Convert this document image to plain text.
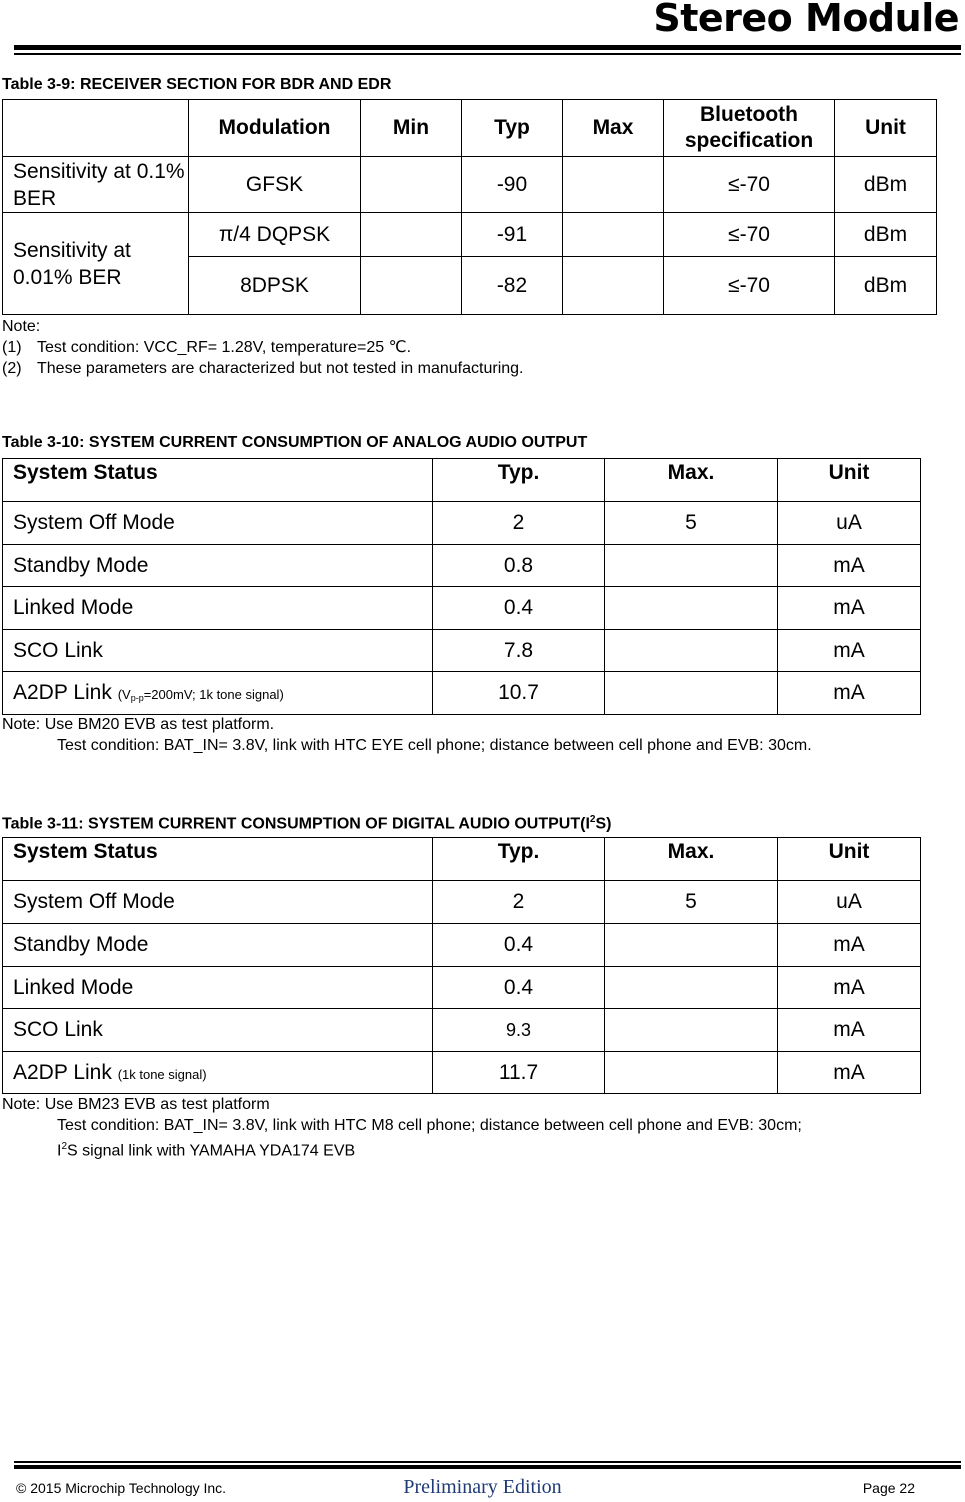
Stereo Module
Table 3-9: RECEIVER SECTION FOR BDR AND EDR
	Modulation	Min	Typ	Max	Bluetooth specification	Unit
Sensitivity at 0.1% BER	GFSK		-90		≤-70	dBm
Sensitivity at 0.01% BER	π/4 DQPSK		-91		≤-70	dBm
	8DPSK		-82		≤-70	dBm
Note:
(1) Test condition: VCC_RF= 1.28V, temperature=25 ℃.
(2) These parameters are characterized but not tested in manufacturing.
Table 3-10: SYSTEM CURRENT CONSUMPTION OF ANALOG AUDIO OUTPUT
System Status	Typ.	Max.	Unit
System Off Mode	2	5	uA
Standby Mode	0.8		mA
Linked Mode	0.4		mA
SCO Link	7.8		mA
A2DP Link ($V_{p-p}=200mV$; 1k tone signal)	10.7		mA
Note: Use BM20 EVB as test platform.
Test condition: BAT_IN= 3.8V, link with HTC EYE cell phone; distance between cell phone and EVB: 30cm.
Table 3-11: SYSTEM CURRENT CONSUMPTION OF DIGITAL AUDIO $OUTPUT(I^2S)$
System Status	Typ.	Max.	Unit
System Off Mode	2	5	uA
Standby Mode	0.4		mA
Linked Mode	0.4		mA
SCO Link	9.3		mA
A2DP Link (1k tone signal)	11.7		mA
Note: Use BM23 EVB as test platform
Test condition: BAT_IN= 3.8V, link with HTC M8 cell phone; distance between cell phone and EVB: 30cm;
$I^2S$ signal link with YAMAHA YDA174 EVB
© 2015 Microchip Technology Inc.	Preliminary Edition	Page 22
